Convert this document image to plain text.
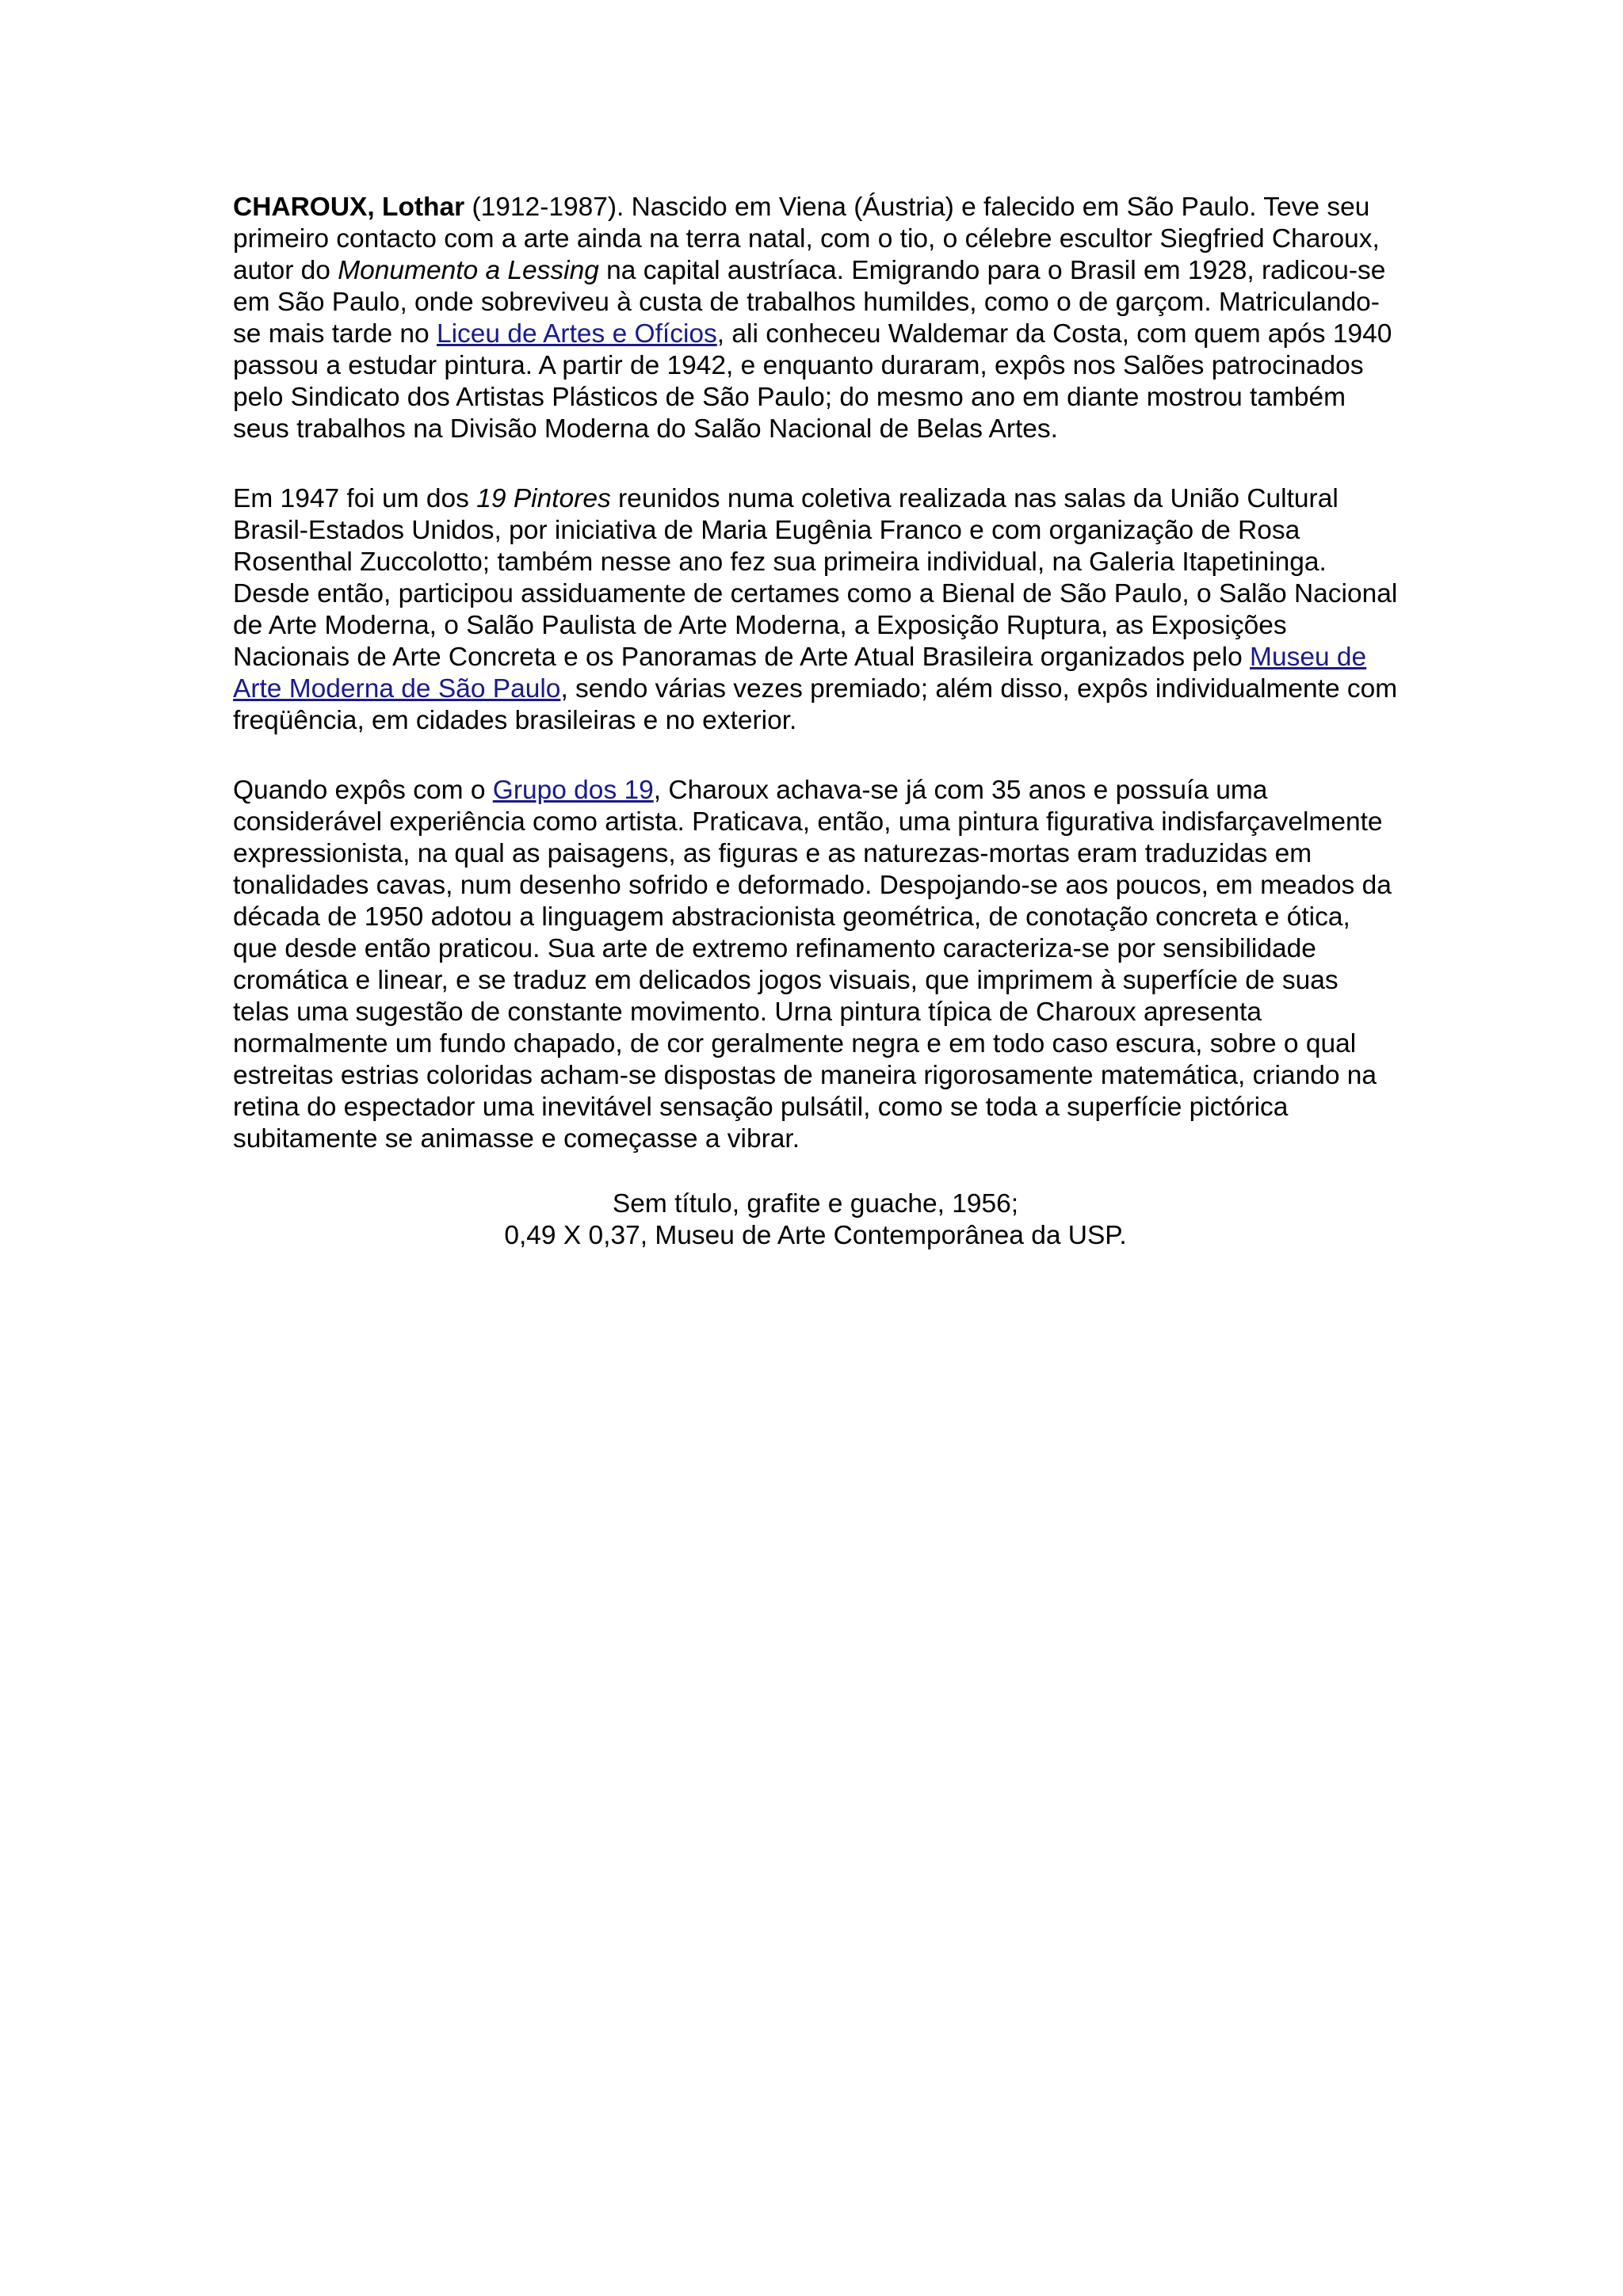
CHAROUX, Lothar (1912-1987). Nascido em Viena (Áustria) e falecido em São Paulo. Teve seu primeiro contacto com a arte ainda na terra natal, com o tio, o célebre escultor Siegfried Charoux, autor do Monumento a Lessing na capital austríaca. Emigrando para o Brasil em 1928, radicou-se em São Paulo, onde sobreviveu à custa de trabalhos humildes, como o de garçom. Matriculando-se mais tarde no Liceu de Artes e Ofícios, ali conheceu Waldemar da Costa, com quem após 1940 passou a estudar pintura. A partir de 1942, e enquanto duraram, expôs nos Salões patrocinados pelo Sindicato dos Artistas Plásticos de São Paulo; do mesmo ano em diante mostrou também seus trabalhos na Divisão Moderna do Salão Nacional de Belas Artes.

Em 1947 foi um dos 19 Pintores reunidos numa coletiva realizada nas salas da União Cultural Brasil-Estados Unidos, por iniciativa de Maria Eugênia Franco e com organização de Rosa Rosenthal Zuccolotto; também nesse ano fez sua primeira individual, na Galeria Itapetininga. Desde então, participou assiduamente de certames como a Bienal de São Paulo, o Salão Nacional de Arte Moderna, o Salão Paulista de Arte Moderna, a Exposição Ruptura, as Exposições Nacionais de Arte Concreta e os Panoramas de Arte Atual Brasileira organizados pelo Museu de Arte Moderna de São Paulo, sendo várias vezes premiado; além disso, expôs individualmente com freqüência, em cidades brasileiras e no exterior.

Quando expôs com o Grupo dos 19, Charoux achava-se já com 35 anos e possuía uma considerável experiência como artista. Praticava, então, uma pintura figurativa indisfarçavelmente expressionista, na qual as paisagens, as figuras e as naturezas-mortas eram traduzidas em tonalidades cavas, num desenho sofrido e deformado. Despojando-se aos poucos, em meados da década de 1950 adotou a linguagem abstracionista geométrica, de conotação concreta e ótica, que desde então praticou. Sua arte de extremo refinamento caracteriza-se por sensibilidade cromática e linear, e se traduz em delicados jogos visuais, que imprimem à superfície de suas telas uma sugestão de constante movimento. Urna pintura típica de Charoux apresenta normalmente um fundo chapado, de cor geralmente negra e em todo caso escura, sobre o qual estreitas estrias coloridas acham-se dispostas de maneira rigorosamente matemática, criando na retina do espectador uma inevitável sensação pulsátil, como se toda a superfície pictórica subitamente se animasse e começasse a vibrar.

Sem título, grafite e guache, 1956;
0,49 X 0,37, Museu de Arte Contemporânea da USP.
